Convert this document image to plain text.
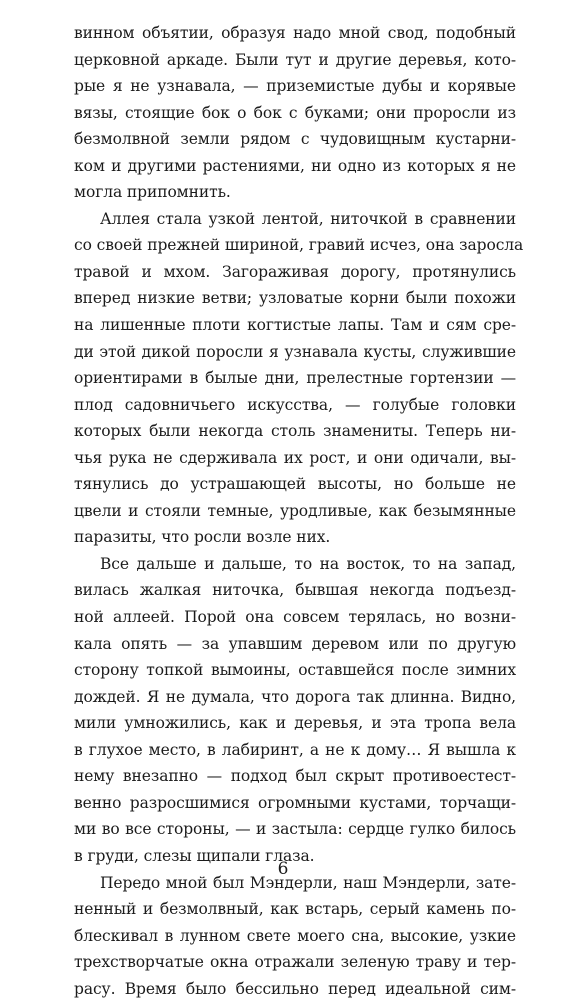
винном объятии, образуя надо мной свод, подобный
церковной аркаде. Были тут и другие деревья, кото-
рые я не узнавала, — приземистые дубы и корявые
вязы, стоящие бок о бок с буками; они проросли из
безмолвной земли рядом с чудовищным кустарни-
ком и другими растениями, ни одно из которых я не
могла припомнить.
Аллея стала узкой лентой, ниточкой в сравнении
со своей прежней шириной, гравий исчез, она заросла
травой и мхом. Загораживая дорогу, протянулись
вперед низкие ветви; узловатые корни были похожи
на лишенные плоти когтистые лапы. Там и сям сре-
ди этой дикой поросли я узнавала кусты, служившие
ориентирами в былые дни, прелестные гортензии —
плод садовничьего искусства, — голубые головки
которых были некогда столь знамениты. Теперь ни-
чья рука не сдерживала их рост, и они одичали, вы-
тянулись до устрашающей высоты, но больше не
цвели и стояли темные, уродливые, как безымянные
паразиты, что росли возле них.
Все дальше и дальше, то на восток, то на запад,
вилась жалкая ниточка, бывшая некогда подъезд-
ной аллеей. Порой она совсем терялась, но возни-
кала опять — за упавшим деревом или по другую
сторону топкой вымоины, оставшейся после зимних
дождей. Я не думала, что дорога так длинна. Видно,
мили умножились, как и деревья, и эта тропа вела
в глухое место, в лабиринт, а не к дому… Я вышла к
нему внезапно — подход был скрыт противоестест-
венно разросшимися огромными кустами, торчащи-
ми во все стороны, — и застыла: сердце гулко билось
в груди, слезы щипали глаза.
Передо мной был Мэндерли, наш Мэндерли, зате-
ненный и безмолвный, как встарь, серый камень по-
блескивал в лунном свете моего сна, высокие, узкие
трехстворчатые окна отражали зеленую траву и тер-
расу. Время было бессильно перед идеальной сим-
6
